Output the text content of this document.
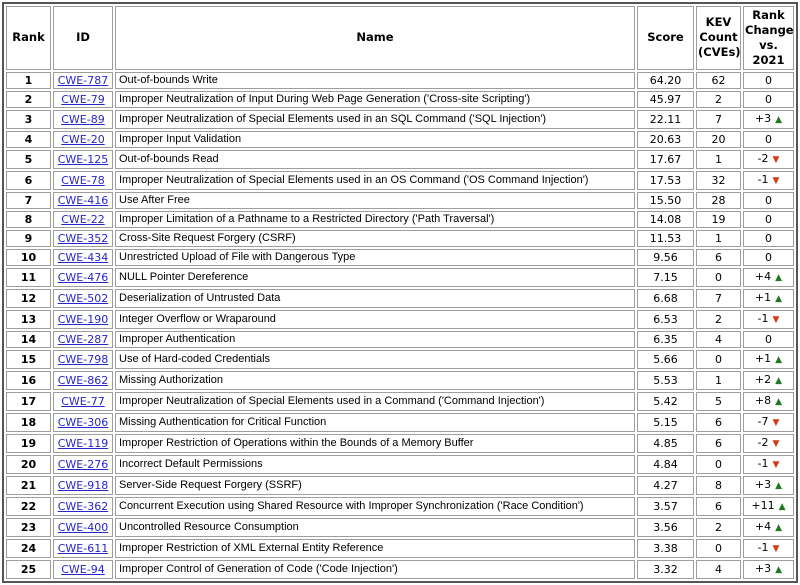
Rank	ID	Name	Score	KEV Count (CVEs)	Rank Change vs. 2021
1	CWE-787	Out-of-bounds Write	64.20	62	0
2	CWE-79	Improper Neutralization of Input During Web Page Generation ('Cross-site Scripting')	45.97	2	0
3	CWE-89	Improper Neutralization of Special Elements used in an SQL Command ('SQL Injection')	22.11	7	+3 ▲
4	CWE-20	Improper Input Validation	20.63	20	0
5	CWE-125	Out-of-bounds Read	17.67	1	-2 ▼
6	CWE-78	Improper Neutralization of Special Elements used in an OS Command ('OS Command Injection')	17.53	32	-1 ▼
7	CWE-416	Use After Free	15.50	28	0
8	CWE-22	Improper Limitation of a Pathname to a Restricted Directory ('Path Traversal')	14.08	19	0
9	CWE-352	Cross-Site Request Forgery (CSRF)	11.53	1	0
10	CWE-434	Unrestricted Upload of File with Dangerous Type	9.56	6	0
11	CWE-476	NULL Pointer Dereference	7.15	0	+4 ▲
12	CWE-502	Deserialization of Untrusted Data	6.68	7	+1 ▲
13	CWE-190	Integer Overflow or Wraparound	6.53	2	-1 ▼
14	CWE-287	Improper Authentication	6.35	4	0
15	CWE-798	Use of Hard-coded Credentials	5.66	0	+1 ▲
16	CWE-862	Missing Authorization	5.53	1	+2 ▲
17	CWE-77	Improper Neutralization of Special Elements used in a Command ('Command Injection')	5.42	5	+8 ▲
18	CWE-306	Missing Authentication for Critical Function	5.15	6	-7 ▼
19	CWE-119	Improper Restriction of Operations within the Bounds of a Memory Buffer	4.85	6	-2 ▼
20	CWE-276	Incorrect Default Permissions	4.84	0	-1 ▼
21	CWE-918	Server-Side Request Forgery (SSRF)	4.27	8	+3 ▲
22	CWE-362	Concurrent Execution using Shared Resource with Improper Synchronization ('Race Condition')	3.57	6	+11 ▲
23	CWE-400	Uncontrolled Resource Consumption	3.56	2	+4 ▲
24	CWE-611	Improper Restriction of XML External Entity Reference	3.38	0	-1 ▼
25	CWE-94	Improper Control of Generation of Code ('Code Injection')	3.32	4	+3 ▲
